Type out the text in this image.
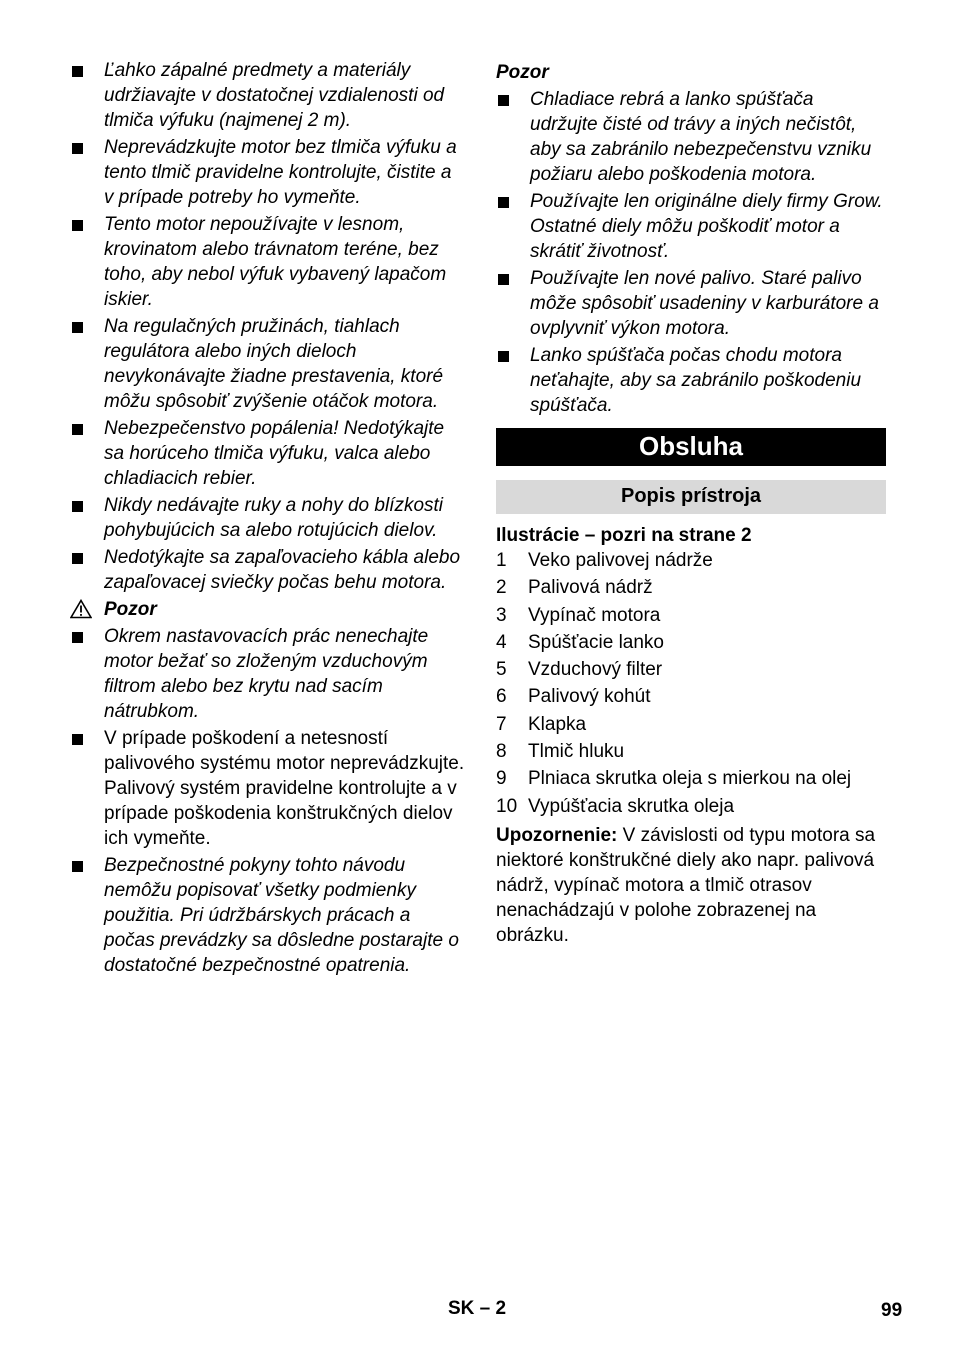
Ľahko zápalné predmety a materiály udržiavajte v dostatočnej vzdialenosti od tlmiča výfuku (najmenej 2 m).
Neprevádzkujte motor bez tlmiča výfuku a tento tlmič pravidelne kontrolujte, čistite a v prípade potreby ho vymeňte.
Tento motor nepoužívajte v lesnom, krovinatom alebo trávnatom teréne, bez toho, aby nebol výfuk vybavený lapačom iskier.
Na regulačných pružinách, tiahlach regulátora alebo iných dieloch nevykonávajte žiadne prestavenia, ktoré môžu spôsobiť zvýšenie otáčok motora.
Nebezpečenstvo popálenia! Nedotýkajte sa horúceho tlmiča výfuku, valca alebo chladiacich rebier.
Nikdy nedávajte ruky a nohy do blízkosti pohybujúcich sa alebo rotujúcich dielov.
Nedotýkajte sa zapaľovacieho kábla alebo zapaľovacej sviečky počas behu motora.
Pozor
Okrem nastavovacích prác nenechajte motor bežať so zloženým vzduchovým filtrom alebo bez krytu nad sacím nátrubkom.
V prípade poškodení a netesností palivového systému motor neprevádzkujte. Palivový systém pravidelne kontrolujte a v prípade poškodenia konštrukčných dielov ich vymeňte.
Bezpečnostné pokyny tohto návodu nemôžu popisovať všetky podmienky použitia. Pri údržbárskych prácach a počas prevádzky sa dôsledne postarajte o dostatočné bezpečnostné opatrenia.
Pozor
Chladiace rebrá a lanko spúšťača udržujte čisté od trávy a iných nečistôt, aby sa zabránilo nebezpečenstvu vzniku požiaru alebo poškodenia motora.
Používajte len originálne diely firmy Grow. Ostatné diely môžu poškodiť motor a skrátiť životnosť.
Používajte len nové palivo. Staré palivo môže spôsobiť usadeniny v karburátore a ovplyvniť výkon motora.
Lanko spúšťača počas chodu motora neťahajte, aby sa zabránilo poškodeniu spúšťača.
Obsluha
Popis prístroja
Ilustrácie – pozri na strane 2
1 Veko palivovej nádrže
2 Palivová nádrž
3 Vypínač motora
4 Spúšťacie lanko
5 Vzduchový filter
6 Palivový kohút
7 Klapka
8 Tlmič hluku
9 Plniaca skrutka oleja s mierkou na olej
10 Vypúšťacia skrutka oleja
Upozornenie: V závislosti od typu motora sa niektoré konštrukčné diely ako napr. palivová nádrž, vypínač motora a tlmič otrasov nenachádzajú v polohe zobrazenej na obrázku.
SK – 2	99
